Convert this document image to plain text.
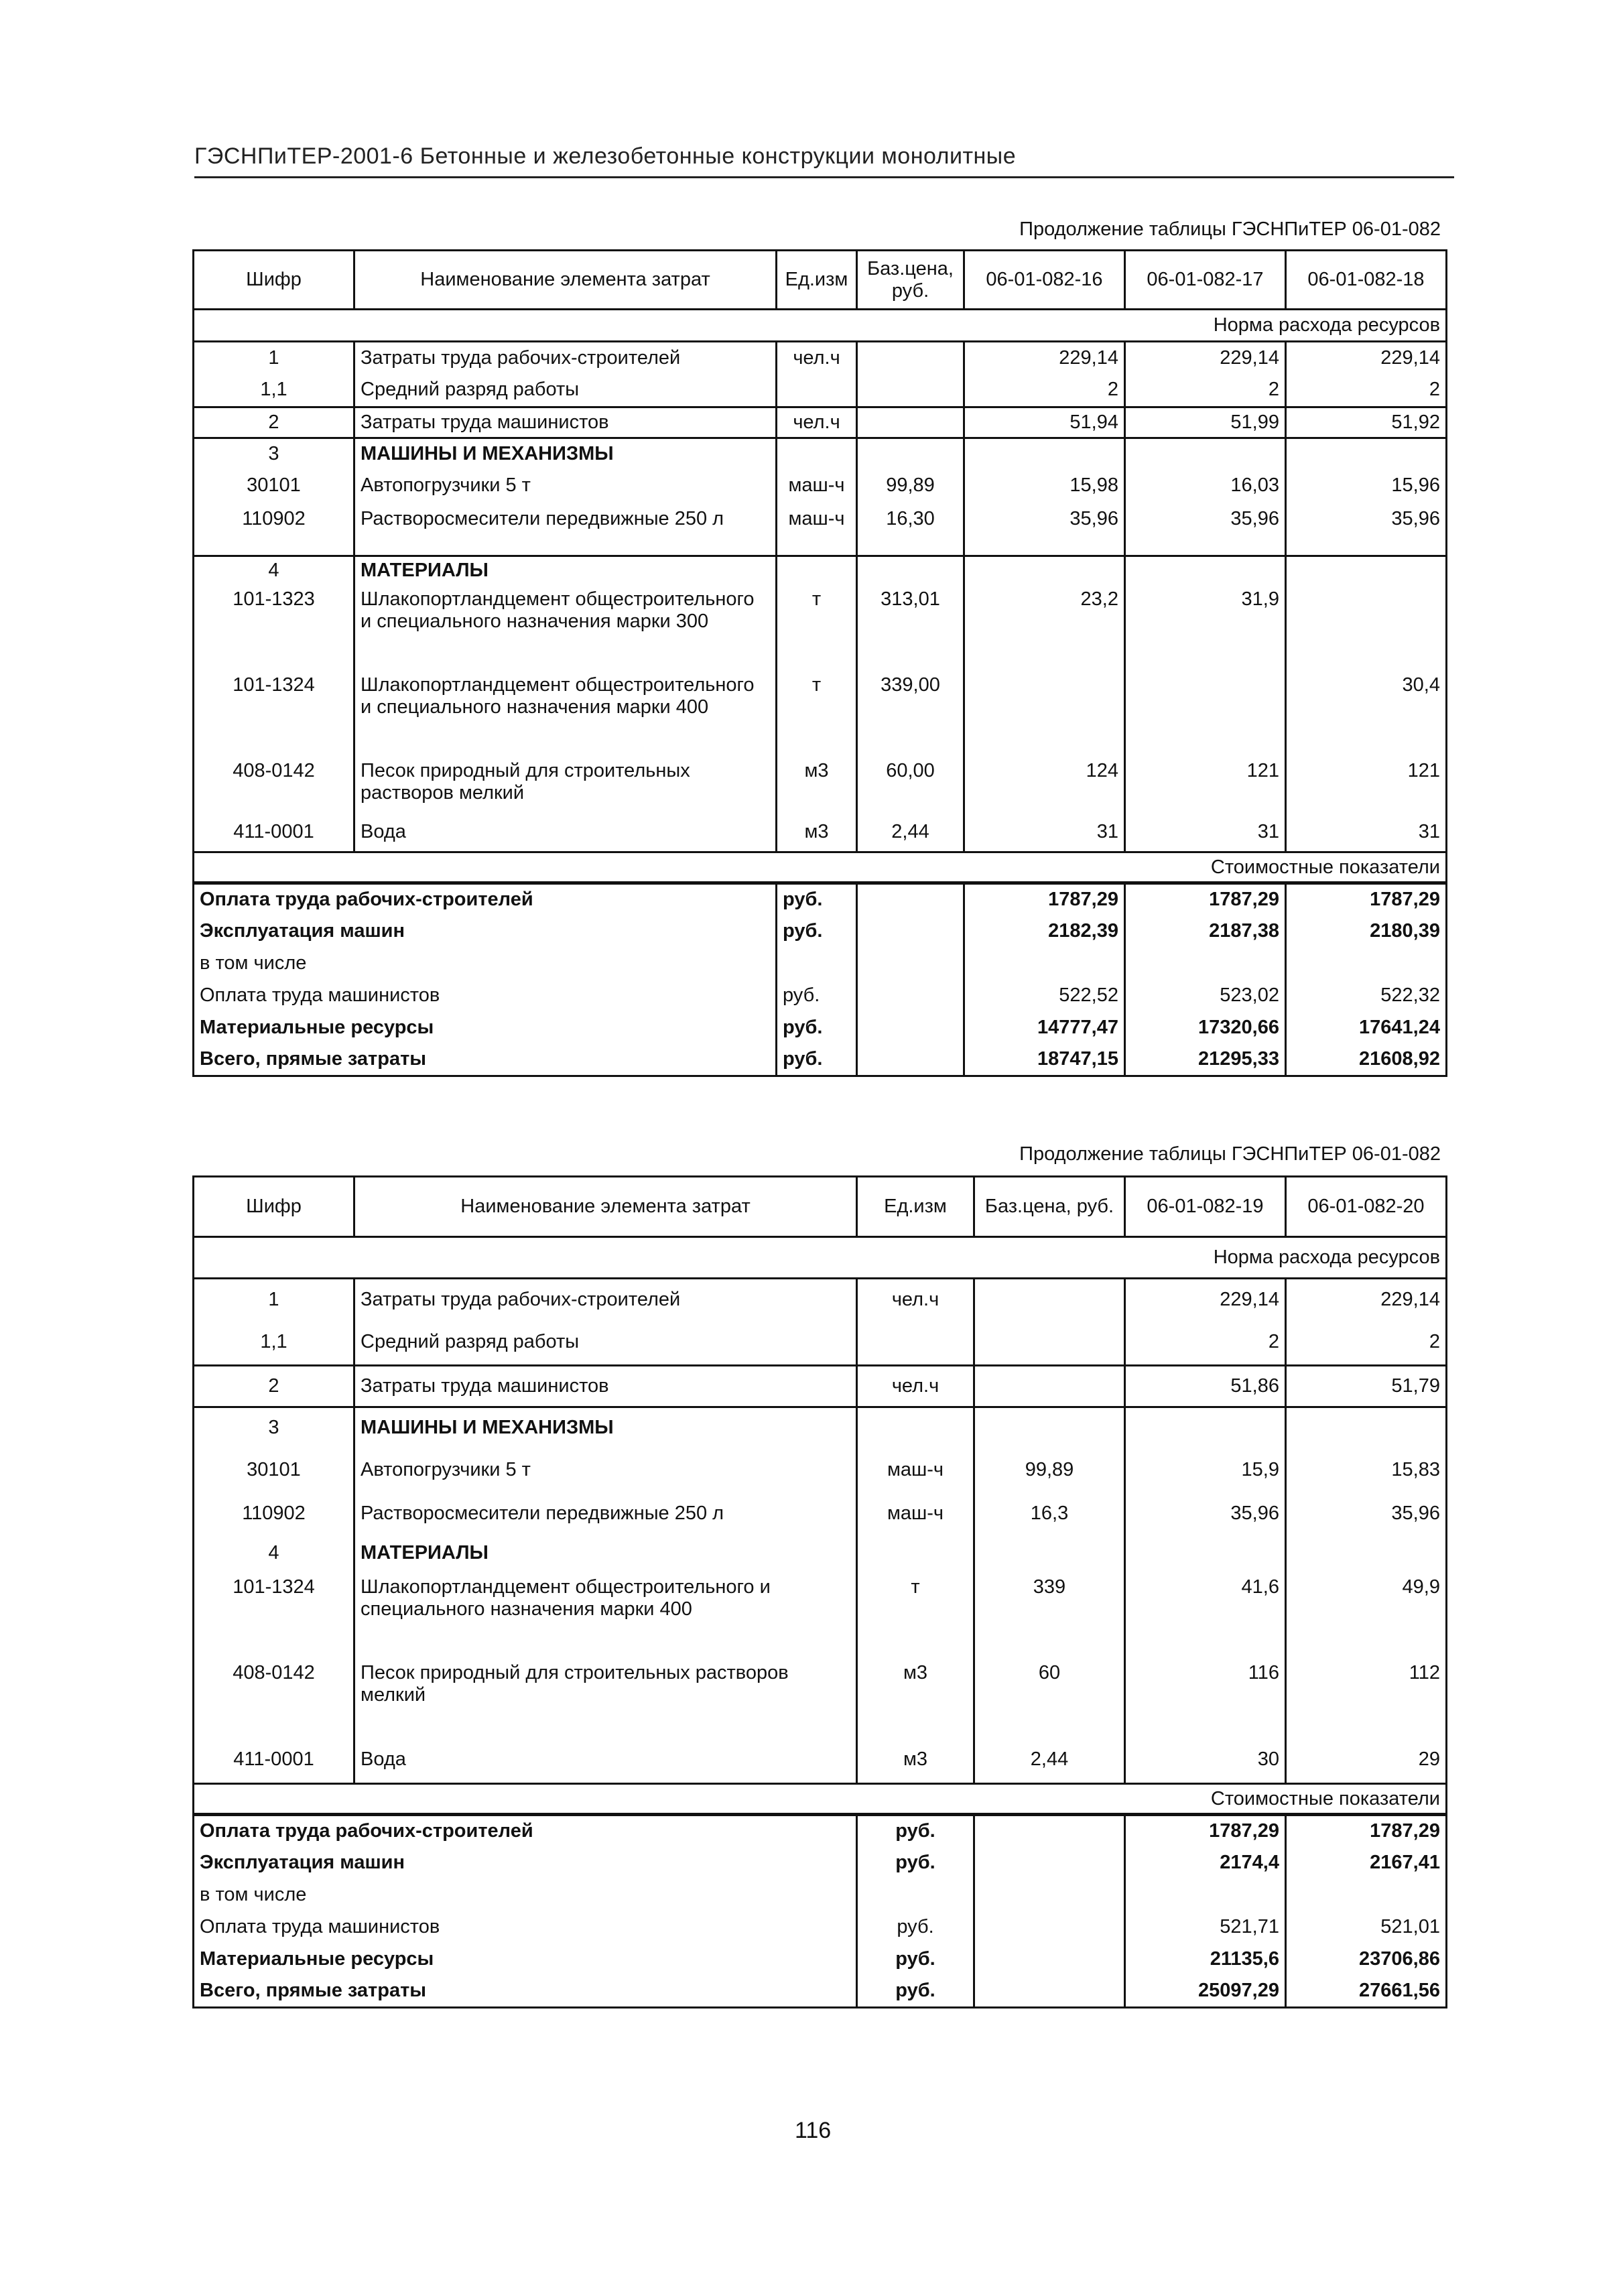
ГЭСНПиТЕР-2001-6 Бетонные и железобетонные конструкции монолитные
Продолжение таблицы ГЭСНПиТЕР 06-01-082
Шифр	Наименование элемента затрат	Ед.изм	Баз.цена, руб.	06-01-082-16	06-01-082-17	06-01-082-18
Норма расхода ресурсов						
1	Затраты труда рабочих-строителей	чел.ч		229,14	229,14	229,14
1,1	Средний разряд работы			2	2	2
2	Затраты труда машинистов	чел.ч		51,94	51,99	51,92
3	МАШИНЫ И МЕХАНИЗМЫ					
30101	Автопогрузчики 5 т	маш-ч	99,89	15,98	16,03	15,96
110902	Растворосмесители передвижные 250 л	маш-ч	16,30	35,96	35,96	35,96

4	МАТЕРИАЛЫ					
101-1323	Шлакопортландцемент общестроительного и специального назначения марки 300	т	313,01	23,2	31,9	
101-1324	Шлакопортландцемент общестроительного и специального назначения марки 400	т	339,00			30,4
408-0142	Песок природный для строительных растворов мелкий	м3	60,00	124	121	121
411-0001	Вода	м3	2,44	31	31	31
Стоимостные показатели						
Оплата труда рабочих-строителей		руб.		1787,29	1787,29	1787,29
Эксплуатация машин		руб.		2182,39	2187,38	2180,39
в том числе						
Оплата труда машинистов		руб.		522,52	523,02	522,32
Материальные ресурсы		руб.		14777,47	17320,66	17641,24
Всего, прямые затраты		руб.		18747,15	21295,33	21608,92
Продолжение таблицы ГЭСНПиТЕР 06-01-082
Шифр	Наименование элемента затрат	Ед.изм	Баз.цена, руб.	06-01-082-19	06-01-082-20
Норма расхода ресурсов					
1	Затраты труда рабочих-строителей	чел.ч		229,14	229,14
1,1	Средний разряд работы			2	2
2	Затраты труда машинистов	чел.ч		51,86	51,79
3	МАШИНЫ И МЕХАНИЗМЫ				
30101	Автопогрузчики 5 т	маш-ч	99,89	15,9	15,83
110902	Растворосмесители передвижные 250 л	маш-ч	16,3	35,96	35,96
4	МАТЕРИАЛЫ				
101-1324	Шлакопортландцемент общестроительного и специального назначения марки 400	т	339	41,6	49,9
408-0142	Песок природный для строительных растворов мелкий	м3	60	116	112
411-0001	Вода	м3	2,44	30	29
Стоимостные показатели					
Оплата труда рабочих-строителей		руб.		1787,29	1787,29
Эксплуатация машин		руб.		2174,4	2167,41
в том числе					
Оплата труда машинистов		руб.		521,71	521,01
Материальные ресурсы		руб.		21135,6	23706,86
Всего, прямые затраты		руб.		25097,29	27661,56
116
